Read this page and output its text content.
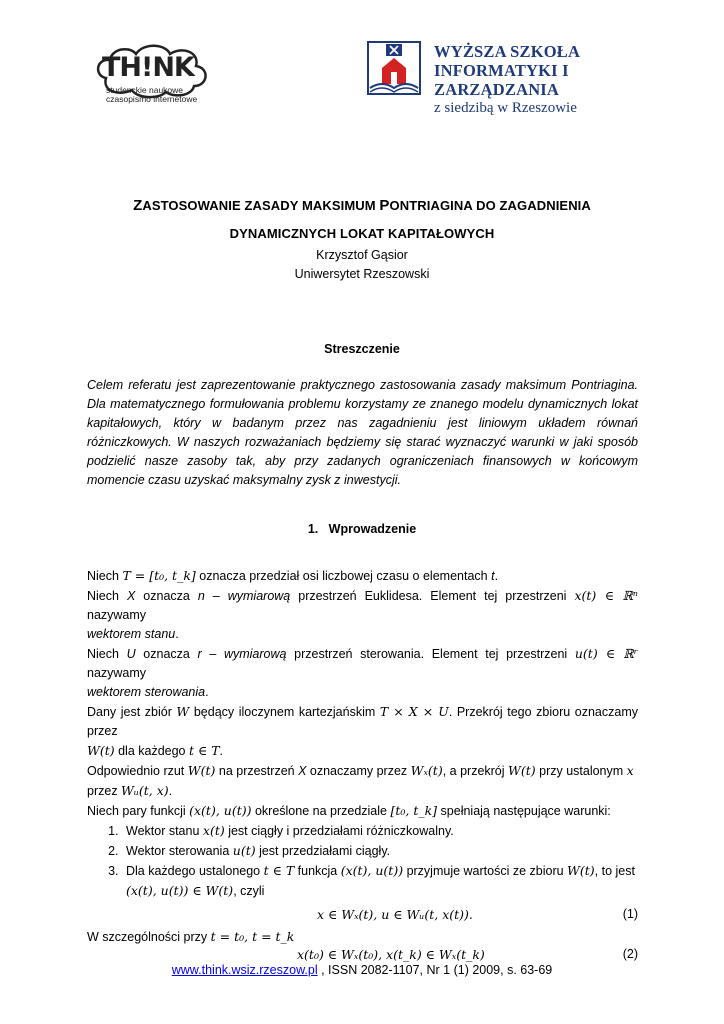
TH!NK
studenckie naukowe
czasopismo internetowe
WYŻSZA SZKOŁA
INFORMATYKI I ZARZĄDZANIA
z siedzibą w Rzeszowie
ZASTOSOWANIE ZASADY MAKSIMUM PONTRIAGINA DO ZAGADNIENIA
DYNAMICZNYCH LOKAT KAPITAŁOWYCH
Krzysztof Gąsior
Uniwersytet Rzeszowski
Streszczenie
Celem referatu jest zaprezentowanie praktycznego zastosowania zasady maksimum Pontriagina. Dla matematycznego formułowania problemu korzystamy ze znanego modelu dynamicznych lokat kapitałowych, który w badanym przez nas zagadnieniu jest liniowym układem równań różniczkowych. W naszych rozważaniach będziemy się starać wyznaczyć warunki w jaki sposób podzielić nasze zasoby tak, aby przy zadanych ograniczeniach finansowych w końcowym momencie czasu uzyskać maksymalny zysk z inwestycji.
1.   Wprowadzenie
Niech T = [t₀, t_k] oznacza przedział osi liczbowej czasu o elementach t.
Niech X oznacza n – wymiarową przestrzeń Euklidesa. Element tej przestrzeni x(t) ∈ ℝⁿ nazywamy
wektorem stanu.
Niech U oznacza r – wymiarową przestrzeń sterowania. Element tej przestrzeni u(t) ∈ ℝʳ nazywamy
wektorem sterowania.
Dany jest zbiór W będący iloczynem kartezjańskim T × X × U. Przekrój tego zbioru oznaczamy przez
W(t) dla każdego t ∈ T.
Odpowiednio rzut W(t) na przestrzeń X oznaczamy przez Wₓ(t), a przekrój W(t) przy ustalonym x
przez Wᵤ(t, x).
Niech pary funkcji (x(t), u(t)) określone na przedziale [t₀, t_k] spełniają następujące warunki:
1. Wektor stanu x(t) jest ciągły i przedziałami różniczkowalny.
2. Wektor sterowania u(t) jest przedziałami ciągły.
3. Dla każdego ustalonego t ∈ T funkcja (x(t), u(t)) przyjmuje wartości ze zbioru W(t), to jest
(x(t), u(t)) ∈ W(t), czyli
x ∈ Wₓ(t), u ∈ Wᵤ(t, x(t)).	(1)
W szczególności przy t = t₀, t = t_k
x(t₀) ∈ Wₓ(t₀), x(t_k) ∈ Wₓ(t_k)	(2)
www.think.wsiz.rzeszow.pl , ISSN 2082-1107, Nr 1 (1) 2009, s. 63-69
